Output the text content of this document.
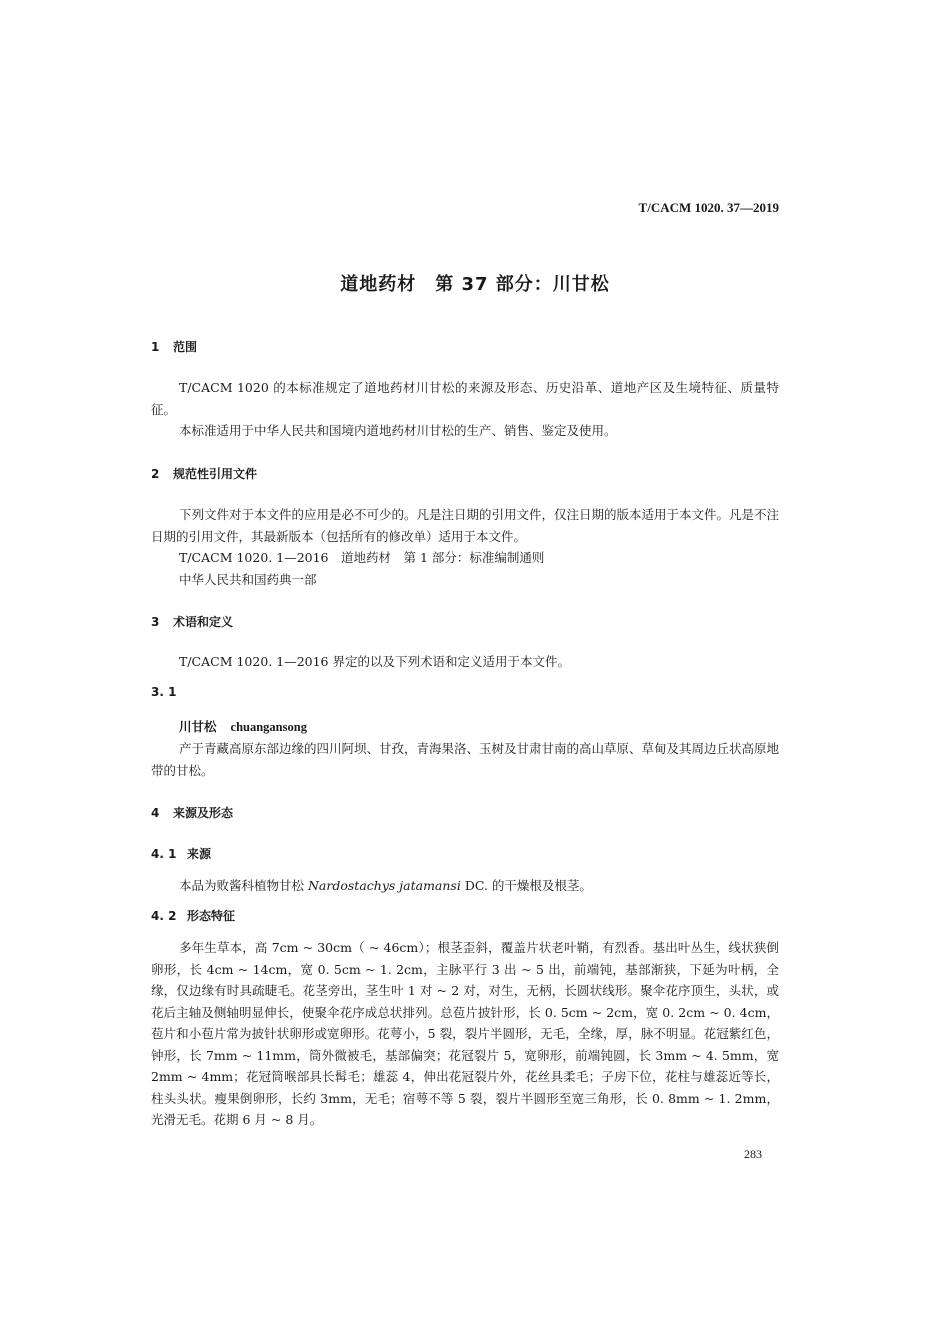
T/CACM 1020. 37—2019
道地药材　第 37 部分：川甘松
1 范围

T/CACM 1020 的本标准规定了道地药材川甘松的来源及形态、历史沿革、道地产区及生境特征、质量特征。

本标准适用于中华人民共和国境内道地药材川甘松的生产、销售、鉴定及使用。

2 规范性引用文件

下列文件对于本文件的应用是必不可少的。凡是注日期的引用文件，仅注日期的版本适用于本文件。凡是不注日期的引用文件，其最新版本（包括所有的修改单）适用于本文件。

T/CACM 1020. 1—2016　道地药材　第 1 部分：标准编制通则

中华人民共和国药典一部

3 术语和定义

T/CACM 1020. 1—2016 界定的以及下列术语和定义适用于本文件。

3. 1
川甘松 chuangansong

产于青藏高原东部边缘的四川阿坝、甘孜，青海果洛、玉树及甘肃甘南的高山草原、草甸及其周边丘状高原地带的甘松。

4 来源及形态
4. 1 来源

本品为败酱科植物甘松 Nardostachys jatamansi DC. 的干燥根及根茎。

4. 2 形态特征

多年生草本，高 7cm ~ 30cm（ ~ 46cm）；根茎歪斜，覆盖片状老叶鞘，有烈香。基出叶丛生，线状狭倒卵形，长 4cm ~ 14cm，宽 0. 5cm ~ 1. 2cm，主脉平行 3 出 ~ 5 出，前端钝，基部渐狭，下延为叶柄，全缘，仅边缘有时具疏睫毛。花茎旁出，茎生叶 1 对 ~ 2 对，对生，无柄，长圆状线形。聚伞花序顶生，头状，或花后主轴及侧轴明显伸长，使聚伞花序成总状排列。总苞片披针形，长 0. 5cm ~ 2cm，宽 0. 2cm ~ 0. 4cm，苞片和小苞片常为披针状卵形或宽卵形。花萼小，5 裂，裂片半圆形，无毛，全缘，厚，脉不明显。花冠紫红色，钟形，长 7mm ~ 11mm，筒外微被毛，基部偏突；花冠裂片 5，宽卵形，前端钝圆，长 3mm ~ 4. 5mm，宽 2mm ~ 4mm；花冠筒喉部具长髯毛；雄蕊 4，伸出花冠裂片外，花丝具柔毛；子房下位，花柱与雄蕊近等长，柱头头状。瘦果倒卵形，长约 3mm，无毛；宿萼不等 5 裂，裂片半圆形至宽三角形，长 0. 8mm ~ 1. 2mm，光滑无毛。花期 6 月 ~ 8 月。

283
